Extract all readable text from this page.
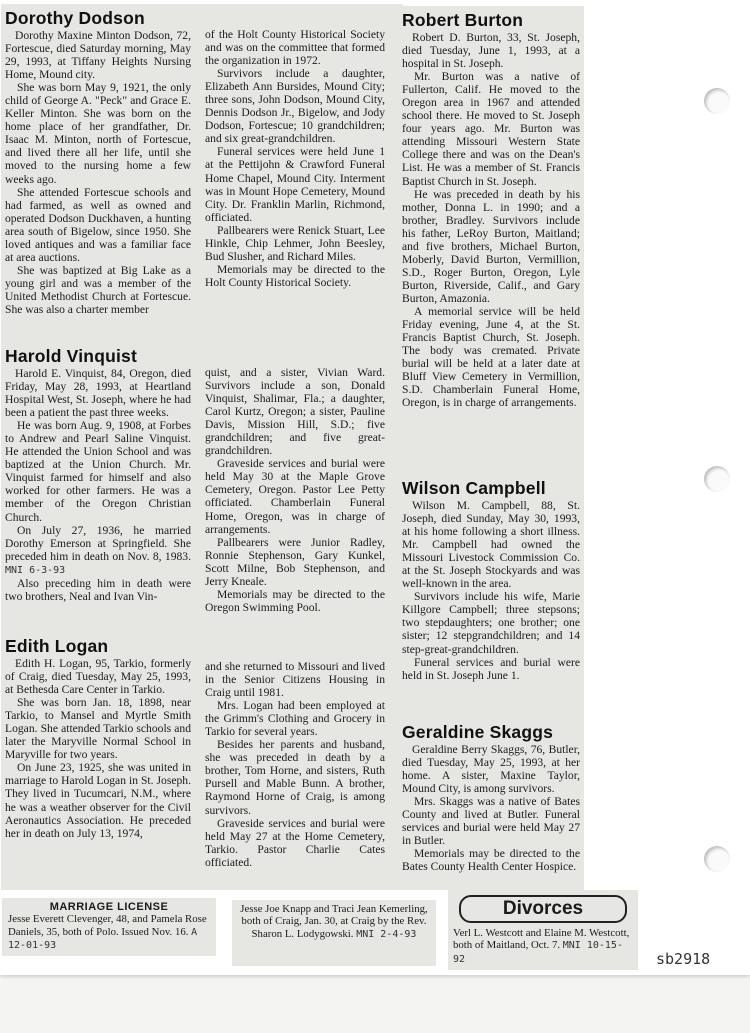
Dorothy Dodson

Dorothy Maxine Minton Dodson, 72, Fortescue, died Saturday morning, May 29, 1993, at Tiffany Heights Nursing Home, Mound city.

She was born May 9, 1921, the only child of George A. "Peck" and Grace E. Keller Minton. She was born on the home place of her grandfather, Dr. Isaac M. Minton, north of Fortescue, and lived there all her life, until she moved to the nursing home a few weeks ago.

She attended Fortescue schools and had farmed, as well as owned and operated Dodson Duckhaven, a hunting area south of Bigelow, since 1950. She loved antiques and was a familiar face at area auctions.

She was baptized at Big Lake as a young girl and was a member of the United Methodist Church at Fortescue. She was also a charter member

of the Holt County Historical Society and was on the committee that formed the organization in 1972.

Survivors include a daughter, Elizabeth Ann Bursides, Mound City; three sons, John Dodson, Mound City, Dennis Dodson Jr., Bigelow, and Jody Dodson, Fortescue; 10 grandchildren; and six great-grandchildren.

Funeral services were held June 1 at the Pettijohn & Crawford Funeral Home Chapel, Mound City. Interment was in Mount Hope Cemetery, Mound City. Dr. Franklin Marlin, Richmond, officiated.

Pallbearers were Renick Stuart, Lee Hinkle, Chip Lehmer, John Beesley, Bud Slusher, and Richard Miles.

Memorials may be directed to the Holt County Historical Society.

Harold Vinquist

Harold E. Vinquist, 84, Oregon, died Friday, May 28, 1993, at Heartland Hospital West, St. Joseph, where he had been a patient the past three weeks.

He was born Aug. 9, 1908, at Forbes to Andrew and Pearl Saline Vinquist. He attended the Union School and was baptized at the Union Church. Mr. Vinquist farmed for himself and also worked for other farmers. He was a member of the Oregon Christian Church.

On July 27, 1936, he married Dorothy Emerson at Springfield. She preceded him in death on Nov. 8, 1983. MNI 6-3-93

Also preceding him in death were two brothers, Neal and Ivan Vin-

quist, and a sister, Vivian Ward. Survivors include a son, Donald Vinquist, Shalimar, Fla.; a daughter, Carol Kurtz, Oregon; a sister, Pauline Davis, Mission Hill, S.D.; five grandchildren; and five great-grandchildren.

Graveside services and burial were held May 30 at the Maple Grove Cemetery, Oregon. Pastor Lee Petty officiated. Chamberlain Funeral Home, Oregon, was in charge of arrangements.

Pallbearers were Junior Radley, Ronnie Stephenson, Gary Kunkel, Scott Milne, Bob Stephenson, and Jerry Kneale.

Memorials may be directed to the Oregon Swimming Pool.

Edith Logan

Edith H. Logan, 95, Tarkio, formerly of Craig, died Tuesday, May 25, 1993, at Bethesda Care Center in Tarkio.

She was born Jan. 18, 1898, near Tarkio, to Mansel and Myrtle Smith Logan. She attended Tarkio schools and later the Maryville Normal School in Maryville for two years.

On June 23, 1925, she was united in marriage to Harold Logan in St. Joseph. They lived in Tucumcari, N.M., where he was a weather observer for the Civil Aeronautics Association. He preceded her in death on July 13, 1974,

and she returned to Missouri and lived in the Senior Citizens Housing in Craig until 1981.

Mrs. Logan had been employed at the Grimm's Clothing and Grocery in Tarkio for several years.

Besides her parents and husband, she was preceded in death by a brother, Tom Horne, and sisters, Ruth Pursell and Mable Bunn. A brother, Raymond Horne of Craig, is among survivors.

Graveside services and burial were held May 27 at the Home Cemetery, Tarkio. Pastor Charlie Cates officiated.

Robert Burton

Robert D. Burton, 33, St. Joseph, died Tuesday, June 1, 1993, at a hospital in St. Joseph.

Mr. Burton was a native of Fullerton, Calif. He moved to the Oregon area in 1967 and attended school there. He moved to St. Joseph four years ago. Mr. Burton was attending Missouri Western State College there and was on the Dean's List. He was a member of St. Francis Baptist Church in St. Joseph.

He was preceded in death by his mother, Donna L. in 1990; and a brother, Bradley. Survivors include his father, LeRoy Burton, Maitland; and five brothers, Michael Burton, Moberly, David Burton, Vermillion, S.D., Roger Burton, Oregon, Lyle Burton, Riverside, Calif., and Gary Burton, Amazonia.

A memorial service will be held Friday evening, June 4, at the St. Francis Baptist Church, St. Joseph. The body was cremated. Private burial will be held at a later date at Bluff View Cemetery in Vermillion, S.D. Chamberlain Funeral Home, Oregon, is in charge of arrangements.

Wilson Campbell

Wilson M. Campbell, 88, St. Joseph, died Sunday, May 30, 1993, at his home following a short illness. Mr. Campbell had owned the Missouri Livestock Commission Co. at the St. Joseph Stockyards and was well-known in the area.

Survivors include his wife, Marie Killgore Campbell; three stepsons; two stepdaughters; one brother; one sister; 12 stepgrandchildren; and 14 step-great-grandchildren.

Funeral services and burial were held in St. Joseph June 1.

Geraldine Skaggs

Geraldine Berry Skaggs, 76, Butler, died Tuesday, May 25, 1993, at her home. A sister, Maxine Taylor, Mound City, is among survivors.

Mrs. Skaggs was a native of Bates County and lived at Butler. Funeral services and burial were held May 27 in Butler.

Memorials may be directed to the Bates County Health Center Hospice.

MARRIAGE LICENSE
Jesse Everett Clevenger, 48, and Pamela Rose Daniels, 35, both of Polo. Issued Nov. 16. A 12-01-93
Jesse Joe Knapp and Traci Jean Kemerling, both of Craig, Jan. 30, at Craig by the Rev. Sharon L. Lodygowski. MNI 2-4-93
Divorces
Verl L. Westcott and Elaine M. Westcott, both of Maitland, Oct. 7. MNI 10-15-92	sb2918
